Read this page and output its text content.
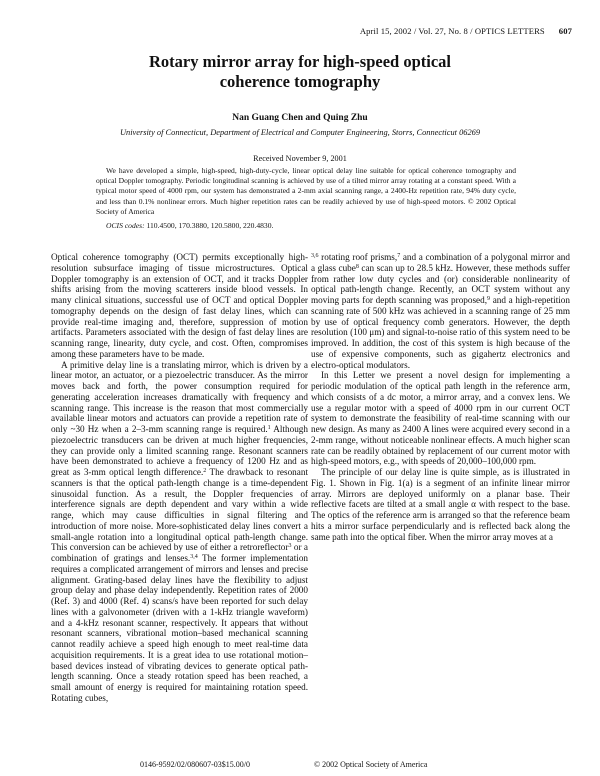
April 15, 2002 / Vol. 27, No. 8 / OPTICS LETTERS 607
Rotary mirror array for high-speed optical
coherence tomography
Nan Guang Chen and Quing Zhu
University of Connecticut, Department of Electrical and Computer Engineering, Storrs, Connecticut 06269
Received November 9, 2001
We have developed a simple, high-speed, high-duty-cycle, linear optical delay line suitable for optical coherence tomography and optical Doppler tomography. Periodic longitudinal scanning is achieved by use of a tilted mirror array rotating at a constant speed. With a typical motor speed of 4000 rpm, our system has demonstrated a 2-mm axial scanning range, a 2400-Hz repetition rate, 94% duty cycle, and less than 0.1% nonlinear errors. Much higher repetition rates can be readily achieved by use of high-speed motors. © 2002 Optical Society of America
OCIS codes: 110.4500, 170.3880, 120.5800, 220.4830.

Optical coherence tomography (OCT) permits exceptionally high-resolution subsurface imaging of tissue microstructures. Optical Doppler tomography is an extension of OCT, and it tracks Doppler shifts arising from the moving scatterers inside blood vessels. In many clinical situations, successful use of OCT and optical Doppler tomography depends on the design of fast delay lines, which can provide real-time imaging and, therefore, suppression of motion artifacts. Parameters associated with the design of fast delay lines are scanning range, linearity, duty cycle, and cost. Often, compromises among these parameters have to be made.

A primitive delay line is a translating mirror, which is driven by a linear motor, an actuator, or a piezoelectric transducer. As the mirror moves back and forth, the power consumption required for generating acceleration increases dramatically with frequency and scanning range. This increase is the reason that most commercially available linear motors and actuators can provide a repetition rate of only ~30 Hz when a 2–3-mm scanning range is required.$^1$ Although piezoelectric transducers can be driven at much higher frequencies, they can provide only a limited scanning range. Resonant scanners have been demonstrated to achieve a frequency of 1200 Hz and as great as 3-mm optical length difference.$^2$ The drawback to resonant scanners is that the optical path-length change is a time-dependent sinusoidal function. As a result, the Doppler frequencies of interference signals are depth dependent and vary within a wide range, which may cause difficulties in signal filtering and introduction of more noise. More-sophisticated delay lines convert a small-angle rotation into a longitudinal optical path-length change. This conversion can be achieved by use of either a retroreflector$^3$ or a combination of gratings and lenses.$^{3,4}$ The former implementation requires a complicated arrangement of mirrors and lenses and precise alignment. Grating-based delay lines have the flexibility to adjust group delay and phase delay independently. Repetition rates of 2000 (Ref. 3) and 4000 (Ref. 4) scans/s have been reported for such delay lines with a galvonometer (driven with a 1-kHz triangle waveform) and a 4-kHz resonant scanner, respectively. It appears that without resonant scanners, vibrational motion–based mechanical scanning cannot readily achieve a speed high enough to meet real-time data acquisition requirements. It is a great idea to use rotational motion–based devices instead of vibrating devices to generate optical path-length scanning. Once a steady rotation speed has been reached, a small amount of energy is required for maintaining rotation speed. Rotating cubes,

$^{3,6}$ rotating roof prisms,$^7$ and a combination of a polygonal mirror and a glass cube$^8$ can scan up to 28.5 kHz. However, these methods suffer from rather low duty cycles and (or) considerable nonlinearity of optical path-length change. Recently, an OCT system without any moving parts for depth scanning was proposed,$^9$ and a high-repetition scanning rate of 500 kHz was achieved in a scanning range of 25 mm by use of optical frequency comb generators. However, the depth resolution (100 μm) and signal-to-noise ratio of this system need to be improved. In addition, the cost of this system is high because of the use of expensive components, such as gigahertz electronics and electro-optical modulators.

In this Letter we present a novel design for implementing a periodic modulation of the optical path length in the reference arm, which consists of a dc motor, a mirror array, and a convex lens. We use a regular motor with a speed of 4000 rpm in our current OCT system to demonstrate the feasibility of real-time scanning with our new design. As many as 2400 A lines were acquired every second in a 2-mm range, without noticeable nonlinear effects. A much higher scan rate can be readily obtained by replacement of our current motor with high-speed motors, e.g., with speeds of 20,000–100,000 rpm.

The principle of our delay line is quite simple, as is illustrated in Fig. 1. Shown in Fig. 1(a) is a segment of an infinite linear mirror array. Mirrors are deployed uniformly on a planar base. Their reflective facets are tilted at a small angle α with respect to the base. The optics of the reference arm is arranged so that the reference beam hits a mirror surface perpendicularly and is reflected back along the same path into the optical fiber. When the mirror array moves at a

0146-9592/02/080607-03$15.00/0	© 2002 Optical Society of America
